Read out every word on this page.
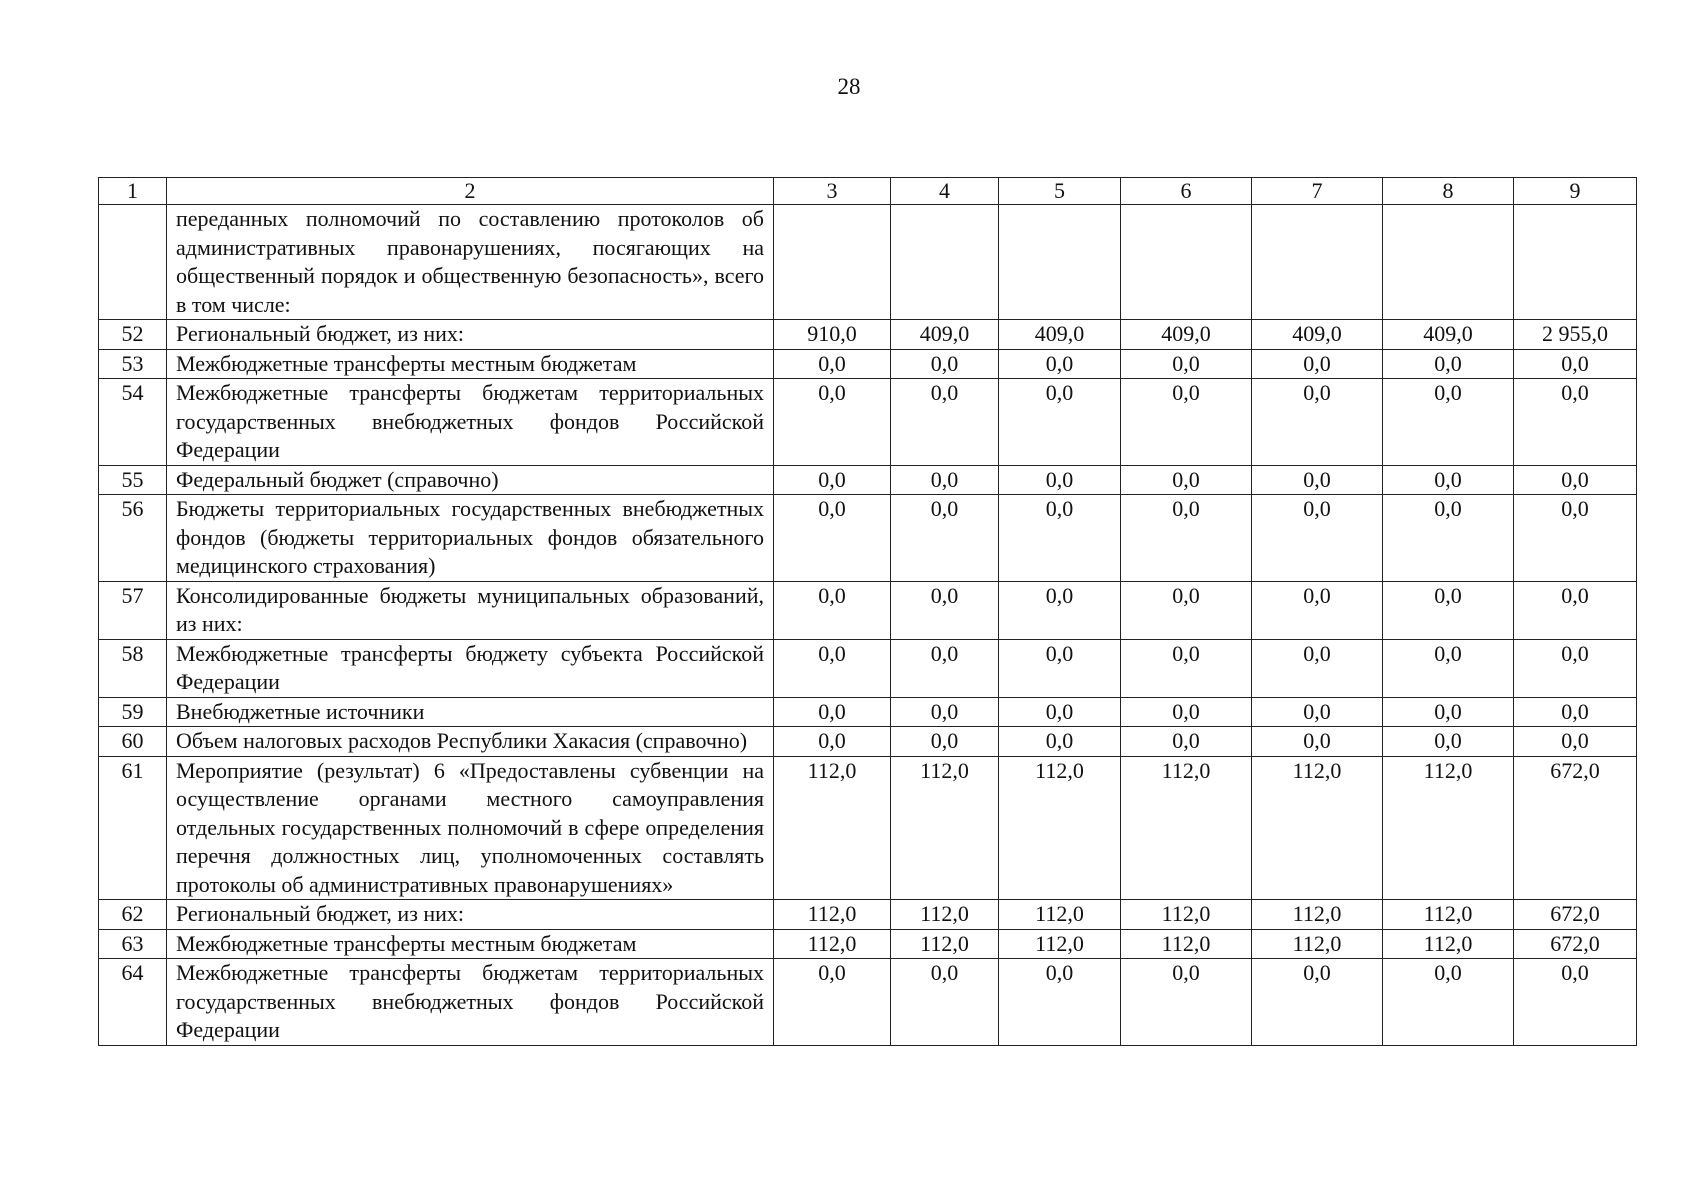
28
1	2	3	4	5	6	7	8	9
	переданных полномочий по составлению протоколов об административных правонарушениях, посягающих на общественный порядок и общественную безопасность», всего в том числе:							
52	Региональный бюджет, из них:	910,0	409,0	409,0	409,0	409,0	409,0	2 955,0
53	Межбюджетные трансферты местным бюджетам	0,0	0,0	0,0	0,0	0,0	0,0	0,0
54	Межбюджетные трансферты бюджетам территориальных государственных внебюджетных фондов Российской Федерации	0,0	0,0	0,0	0,0	0,0	0,0	0,0
55	Федеральный бюджет (справочно)	0,0	0,0	0,0	0,0	0,0	0,0	0,0
56	Бюджеты территориальных государственных внебюджетных фондов (бюджеты территориальных фондов обязательного медицинского страхования)	0,0	0,0	0,0	0,0	0,0	0,0	0,0
57	Консолидированные бюджеты муниципальных образований, из них:	0,0	0,0	0,0	0,0	0,0	0,0	0,0
58	Межбюджетные трансферты бюджету субъекта Российской Федерации	0,0	0,0	0,0	0,0	0,0	0,0	0,0
59	Внебюджетные источники	0,0	0,0	0,0	0,0	0,0	0,0	0,0
60	Объем налоговых расходов Республики Хакасия (справочно)	0,0	0,0	0,0	0,0	0,0	0,0	0,0
61	Мероприятие (результат) 6 «Предоставлены субвенции на осуществление органами местного самоуправления отдельных государственных полномочий в сфере определения перечня должностных лиц, уполномоченных составлять протоколы об административных правонарушениях»	112,0	112,0	112,0	112,0	112,0	112,0	672,0
62	Региональный бюджет, из них:	112,0	112,0	112,0	112,0	112,0	112,0	672,0
63	Межбюджетные трансферты местным бюджетам	112,0	112,0	112,0	112,0	112,0	112,0	672,0
64	Межбюджетные трансферты бюджетам территориальных государственных внебюджетных фондов Российской Федерации	0,0	0,0	0,0	0,0	0,0	0,0	0,0
